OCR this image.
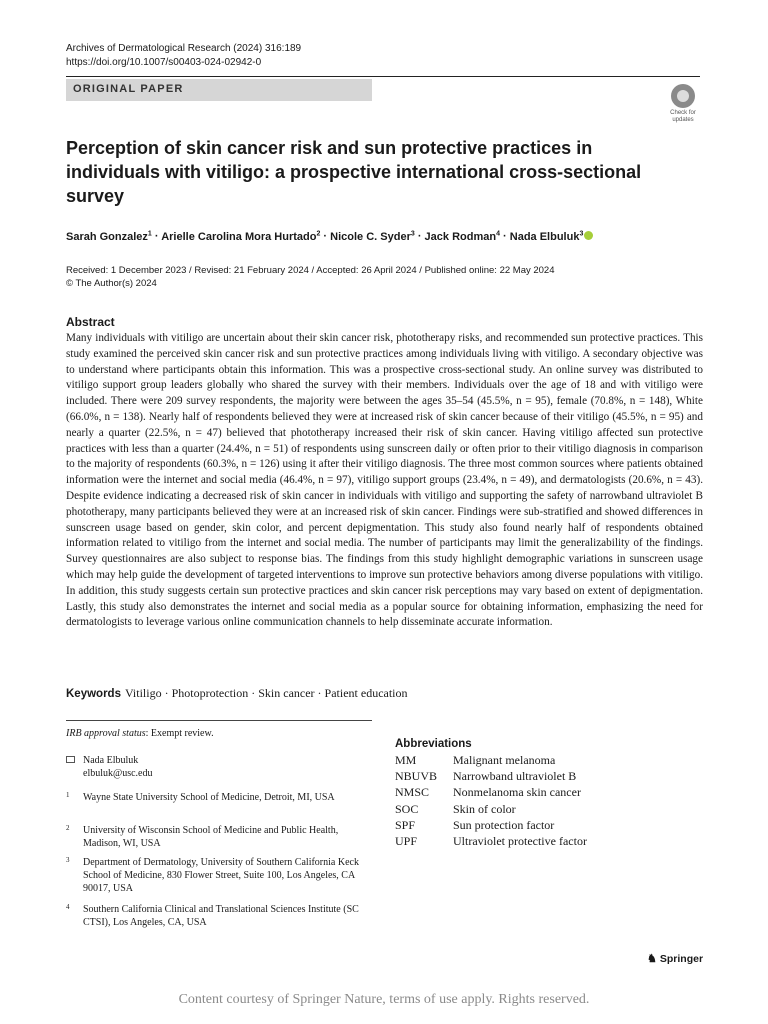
Archives of Dermatological Research (2024) 316:189
https://doi.org/10.1007/s00403-024-02942-0
ORIGINAL PAPER
Check for
updates
Perception of skin cancer risk and sun protective practices in individuals with vitiligo: a prospective international cross-sectional survey
Sarah Gonzalez$^1$ · Arielle Carolina Mora Hurtado$^2$ · Nicole C. Syder$^3$ · Jack Rodman$^4$ · Nada Elbuluk$^3$
Received: 1 December 2023 / Revised: 21 February 2024 / Accepted: 26 April 2024 / Published online: 22 May 2024
© The Author(s) 2024
Abstract

Many individuals with vitiligo are uncertain about their skin cancer risk, phototherapy risks, and recommended sun protective practices. This study examined the perceived skin cancer risk and sun protective practices among individuals living with vitiligo. A secondary objective was to understand where participants obtain this information. This was a prospective cross-sectional study. An online survey was distributed to vitiligo support group leaders globally who shared the survey with their members. Individuals over the age of 18 and with vitiligo were included. There were 209 survey respondents, the majority were between the ages 35–54 (45.5%, n = 95), female (70.8%, n = 148), White (66.0%, n = 138). Nearly half of respondents believed they were at increased risk of skin cancer because of their vitiligo (45.5%, n = 95) and nearly a quarter (22.5%, n = 47) believed that phototherapy increased their risk of skin cancer. Having vitiligo affected sun protective practices with less than a quarter (24.4%, n = 51) of respondents using sunscreen daily or often prior to their vitiligo diagnosis in comparison to the majority of respondents (60.3%, n = 126) using it after their vitiligo diagnosis. The three most common sources where patients obtained information were the internet and social media (46.4%, n = 97), vitiligo support groups (23.4%, n = 49), and dermatologists (20.6%, n = 43). Despite evidence indicating a decreased risk of skin cancer in individuals with vitiligo and supporting the safety of narrowband ultraviolet B phototherapy, many participants believed they were at an increased risk of skin cancer. Findings were sub-stratified and showed differences in sunscreen usage based on gender, skin color, and percent depigmentation. This study also found nearly half of respondents obtained information related to vitiligo from the internet and social media. The number of participants may limit the generalizability of the findings. Survey questionnaires are also subject to response bias. The findings from this study highlight demographic variations in sunscreen usage which may help guide the development of targeted interventions to improve sun protective behaviors among diverse populations with vitiligo. In addition, this study suggests certain sun protective practices and skin cancer risk perceptions may vary based on extent of depigmentation. Lastly, this study also demonstrates the internet and social media as a popular source for obtaining information, emphasizing the need for dermatologists to leverage various online communication channels to help disseminate accurate information.

Keywords Vitiligo · Photoprotection · Skin cancer · Patient education
IRB approval status: Exempt review.
Nada Elbuluk
elbuluk@usc.edu
1 Wayne State University School of Medicine, Detroit, MI, USA
2 University of Wisconsin School of Medicine and Public Health, Madison, WI, USA
3 Department of Dermatology, University of Southern California Keck School of Medicine, 830 Flower Street, Suite 100, Los Angeles, CA 90017, USA
4 Southern California Clinical and Translational Sciences Institute (SC CTSI), Los Angeles, CA, USA
Abbreviations
MM	Malignant melanoma
NBUVB Narrowband ultraviolet B
NMSC Nonmelanoma skin cancer
SOC	Skin of color
SPF	Sun protection factor
UPF	Ultraviolet protective factor
♞ Springer
Content courtesy of Springer Nature, terms of use apply. Rights reserved.
